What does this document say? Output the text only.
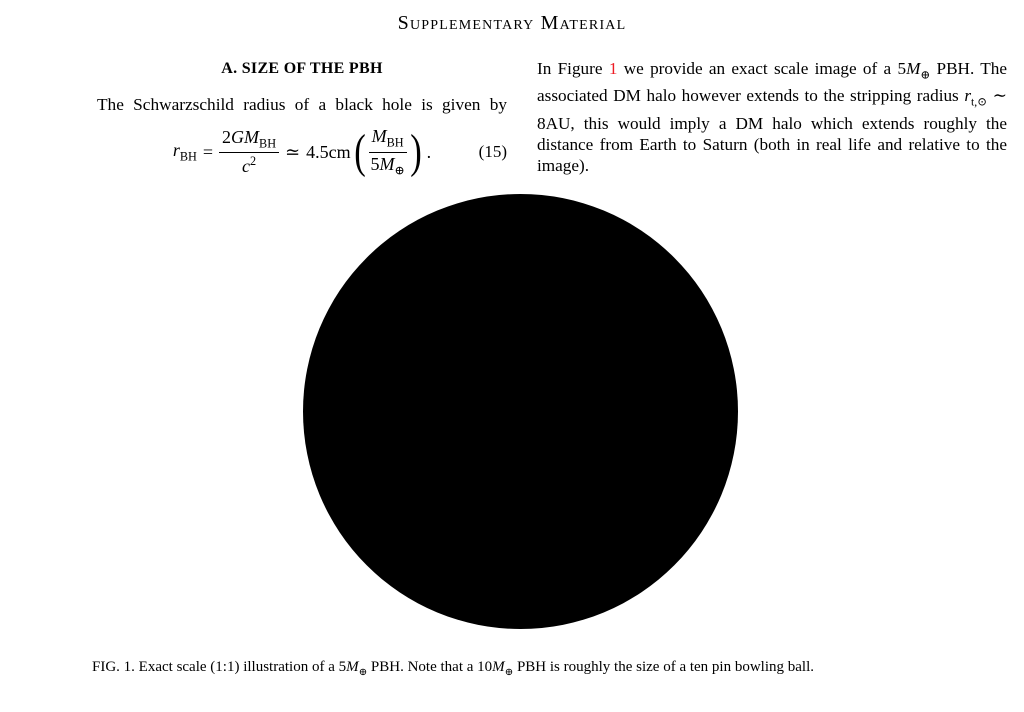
Supplementary Material
A. SIZE OF THE PBH

The Schwarzschild radius of a black hole is given by

$r_{BH} = \frac{2GM_{BH}}{c^2}$ ≃ 4.5cm ( $\frac{M_{BH}}{5M_\oplus}$ ) .	(15)

In Figure 1 we provide an exact scale image of a $5M_\oplus$ PBH. The associated DM halo however extends to the stripping radius $r_{t,⊙}$ ∼ 8AU, this would imply a DM halo which extends roughly the distance from Earth to Saturn (both in real life and relative to the image).

FIG. 1. Exact scale (1:1) illustration of a $5M_\oplus$ PBH. Note that a $10M_\oplus$ PBH is roughly the size of a ten pin bowling ball.
